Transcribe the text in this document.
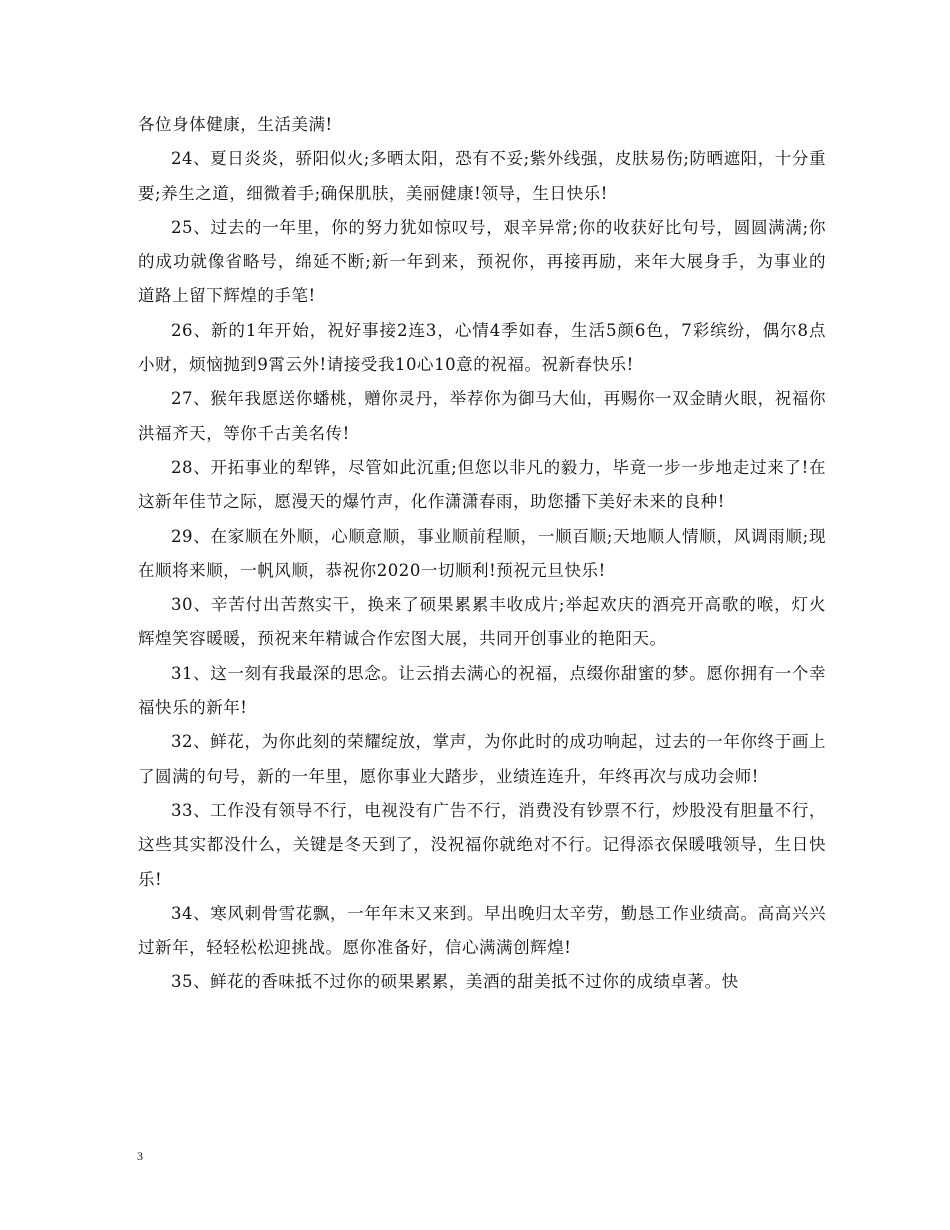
各位身体健康，生活美满!

24、夏日炎炎，骄阳似火;多晒太阳，恐有不妥;紫外线强，皮肤易伤;防晒遮阳，十分重要;养生之道，细微着手;确保肌肤，美丽健康!领导，生日快乐!

25、过去的一年里，你的努力犹如惊叹号，艰辛异常;你的收获好比句号，圆圆满满;你的成功就像省略号，绵延不断;新一年到来，预祝你，再接再励，来年大展身手，为事业的道路上留下辉煌的手笔!

26、新的1年开始，祝好事接2连3，心情4季如春，生活5颜6色，7彩缤纷，偶尔8点小财，烦恼抛到9霄云外!请接受我10心10意的祝福。祝新春快乐!

27、猴年我愿送你蟠桃，赠你灵丹，举荐你为御马大仙，再赐你一双金睛火眼，祝福你洪福齐天，等你千古美名传!

28、开拓事业的犁铧，尽管如此沉重;但您以非凡的毅力，毕竟一步一步地走过来了!在这新年佳节之际，愿漫天的爆竹声，化作潇潇春雨，助您播下美好未来的良种!

29、在家顺在外顺，心顺意顺，事业顺前程顺，一顺百顺;天地顺人情顺，风调雨顺;现在顺将来顺，一帆风顺，恭祝你2020一切顺利!预祝元旦快乐!

30、辛苦付出苦熬实干，换来了硕果累累丰收成片;举起欢庆的酒亮开高歌的喉，灯火辉煌笑容暖暖，预祝来年精诚合作宏图大展，共同开创事业的艳阳天。

31、这一刻有我最深的思念。让云捎去满心的祝福，点缀你甜蜜的梦。愿你拥有一个幸福快乐的新年!

32、鲜花，为你此刻的荣耀绽放，掌声，为你此时的成功响起，过去的一年你终于画上了圆满的句号，新的一年里，愿你事业大踏步，业绩连连升，年终再次与成功会师!

33、工作没有领导不行，电视没有广告不行，消费没有钞票不行，炒股没有胆量不行，这些其实都没什么，关键是冬天到了，没祝福你就绝对不行。记得添衣保暖哦领导，生日快乐!

34、寒风刺骨雪花飘，一年年末又来到。早出晚归太辛劳，勤恳工作业绩高。高高兴兴过新年，轻轻松松迎挑战。愿你准备好，信心满满创辉煌!

35、鲜花的香味抵不过你的硕果累累，美酒的甜美抵不过你的成绩卓著。快

3
